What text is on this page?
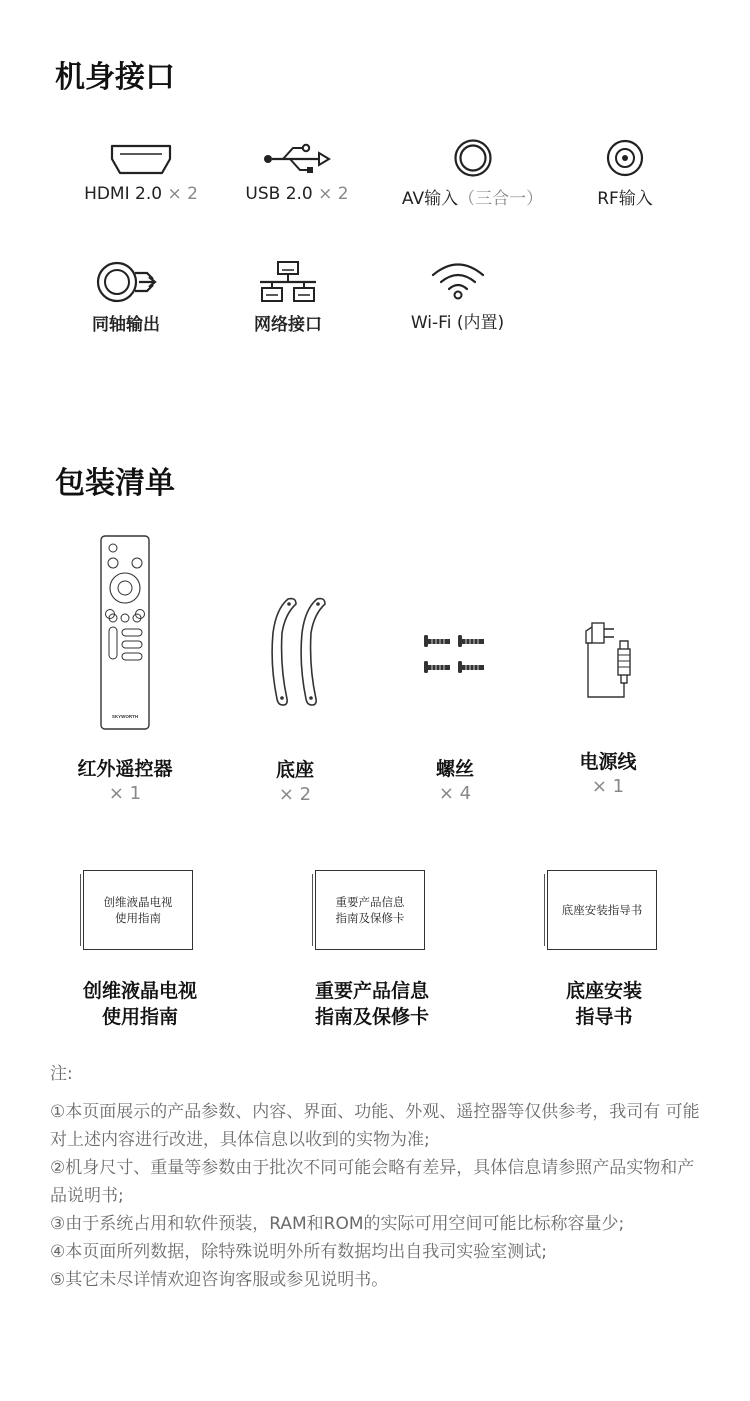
机身接口
HDMI 2.0 × 2	USB 2.0 × 2	AV输入（三合一）	RF输入
同轴输出	网络接口	Wi-Fi (内置)
包装清单
SKYWORTH
红外遥控器
× 1
底座
× 2
螺丝
× 4
电源线
× 1
创维液晶电视
使用指南
创维液晶电视
使用指南
重要产品信息
指南及保修卡
重要产品信息
指南及保修卡
底座安装指导书
底座安装
指导书

注:

①本页面展示的产品参数、内容、界面、功能、外观、遥控器等仅供参考，我司有 可能对上述内容进行改进，具体信息以收到的实物为准;

②机身尺寸、重量等参数由于批次不同可能会略有差异，具体信息请参照产品实物和产品说明书;

③由于系统占用和软件预装，RAM和ROM的实际可用空间可能比标称容量少;

④本页面所列数据，除特殊说明外所有数据均出自我司实验室测试;

⑤其它未尽详情欢迎咨询客服或参见说明书。
